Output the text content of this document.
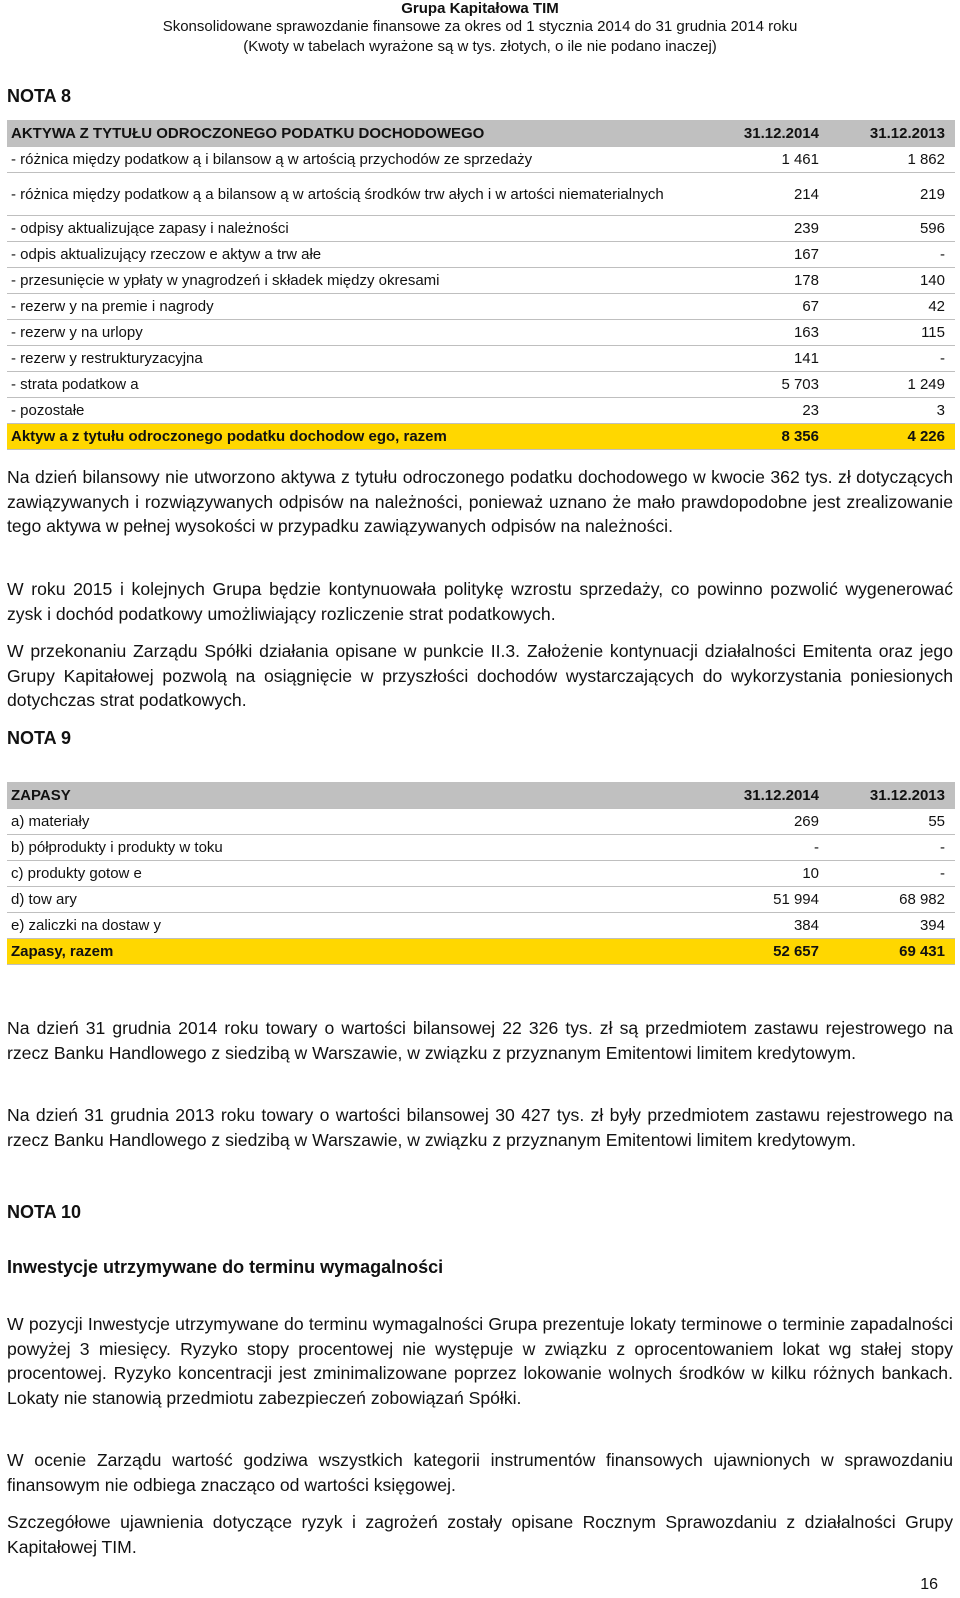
Grupa Kapitałowa TIM
Skonsolidowane sprawozdanie finansowe za okres od 1 stycznia 2014 do 31 grudnia 2014 roku
(Kwoty w tabelach wyrażone są w tys. złotych, o ile nie podano inaczej)
NOTA 8
AKTYWA Z TYTUŁU ODROCZONEGO PODATKU DOCHODOWEGO	31.12.2014	31.12.2013
- różnica między podatkow ą i bilansow ą w artością przychodów ze sprzedaży	1 461	1 862
- różnica między podatkow ą a bilansow ą w artością środków trw ałych i w artości niematerialnych	214	219
- odpisy aktualizujące zapasy i należności	239	596
- odpis aktualizujący rzeczow e aktyw a trw ałe	167	-
- przesunięcie w ypłaty w ynagrodzeń i składek między okresami	178	140
- rezerw y na premie i nagrody	67	42
- rezerw y na urlopy	163	115
- rezerw y restrukturyzacyjna	141	-
- strata podatkow a	5 703	1 249
- pozostałe	23	3
Aktyw a z tytułu odroczonego podatku dochodow ego, razem	8 356	4 226
Na dzień bilansowy nie utworzono aktywa z tytułu odroczonego podatku dochodowego w kwocie 362 tys. zł dotyczących zawiązywanych i rozwiązywanych odpisów na należności, ponieważ uznano że mało prawdopodobne jest zrealizowanie tego aktywa w pełnej wysokości w przypadku zawiązywanych odpisów na należności.
W roku 2015 i kolejnych Grupa będzie kontynuowała politykę wzrostu sprzedaży, co powinno pozwolić wygenerować zysk i dochód podatkowy umożliwiający rozliczenie strat podatkowych.
W przekonaniu Zarządu Spółki działania opisane w punkcie II.3. Założenie kontynuacji działalności Emitenta oraz jego Grupy Kapitałowej pozwolą na osiągnięcie w przyszłości dochodów wystarczających do wykorzystania poniesionych dotychczas strat podatkowych.
NOTA 9
ZAPASY	31.12.2014	31.12.2013
a) materiały	269	55
b) półprodukty i produkty w toku	-	-
c) produkty gotow e	10	-
d) tow ary	51 994	68 982
e) zaliczki na dostaw y	384	394
Zapasy, razem	52 657	69 431
Na dzień 31 grudnia 2014 roku towary o wartości bilansowej 22 326 tys. zł są przedmiotem zastawu rejestrowego na rzecz Banku Handlowego z siedzibą w Warszawie, w związku z przyznanym Emitentowi limitem kredytowym.
Na dzień 31 grudnia 2013 roku towary o wartości bilansowej 30 427 tys. zł były przedmiotem zastawu rejestrowego na rzecz Banku Handlowego z siedzibą w Warszawie, w związku z przyznanym Emitentowi limitem kredytowym.
NOTA 10
Inwestycje utrzymywane do terminu wymagalności
W pozycji Inwestycje utrzymywane do terminu wymagalności Grupa prezentuje lokaty terminowe o terminie zapadalności powyżej 3 miesięcy. Ryzyko stopy procentowej nie występuje w związku z oprocentowaniem lokat wg stałej stopy procentowej. Ryzyko koncentracji jest zminimalizowane poprzez lokowanie wolnych środków w kilku różnych bankach. Lokaty nie stanowią przedmiotu zabezpieczeń zobowiązań Spółki.
W ocenie Zarządu wartość godziwa wszystkich kategorii instrumentów finansowych ujawnionych w sprawozdaniu finansowym nie odbiega znacząco od wartości księgowej.
Szczegółowe ujawnienia dotyczące ryzyk i zagrożeń zostały opisane Rocznym Sprawozdaniu z działalności Grupy Kapitałowej TIM.
16
